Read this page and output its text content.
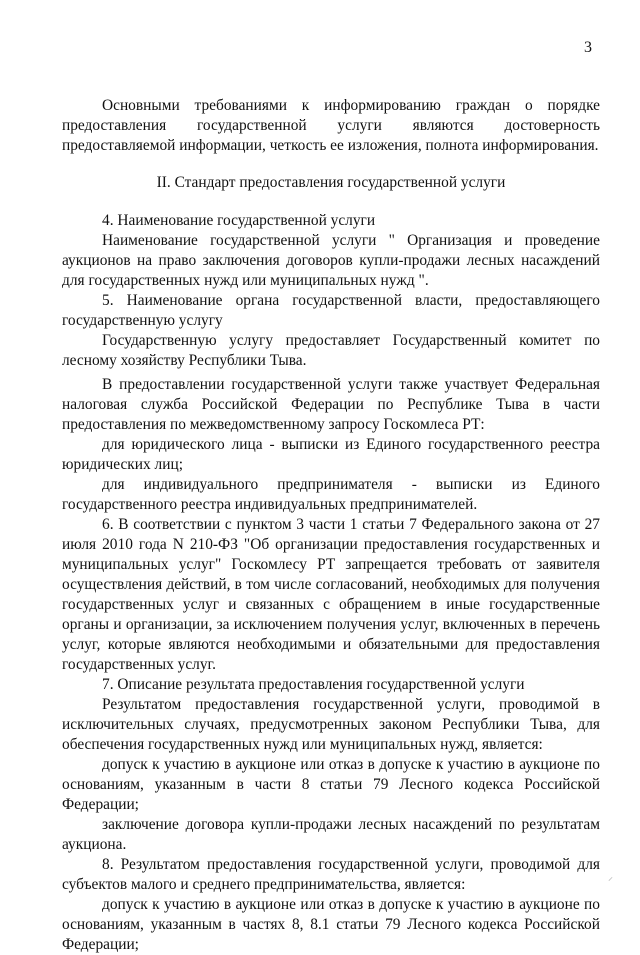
3

Основными требованиями к информированию граждан о порядке предоставления государственной услуги являются достоверность предоставляемой информации, четкость ее изложения, полнота информирования.

II. Стандарт предоставления государственной услуги

4. Наименование государственной услуги

Наименование государственной услуги " Организация и проведение аукционов на право заключения договоров купли-продажи лесных насаждений для государственных нужд или муниципальных нужд ".

5. Наименование органа государственной власти, предоставляющего государственную услугу

Государственную услугу предоставляет Государственный комитет по лесному хозяйству Республики Тыва.

В предоставлении государственной услуги также участвует Федеральная налоговая служба Российской Федерации по Республике Тыва в части предоставления по межведомственному запросу Госкомлеса РТ:

для юридического лица - выписки из Единого государственного реестра юридических лиц;

для индивидуального предпринимателя - выписки из Единого государственного реестра индивидуальных предпринимателей.

6. В соответствии с пунктом 3 части 1 статьи 7 Федерального закона от 27 июля 2010 года N 210-ФЗ "Об организации предоставления государственных и муниципальных услуг" Госкомлесу РТ запрещается требовать от заявителя осуществления действий, в том числе согласований, необходимых для получения государственных услуг и связанных с обращением в иные государственные органы и организации, за исключением получения услуг, включенных в перечень услуг, которые являются необходимыми и обязательными для предоставления государственных услуг.

7. Описание результата предоставления государственной услуги

Результатом предоставления государственной услуги, проводимой в исключительных случаях, предусмотренных законом Республики Тыва, для обеспечения государственных нужд или муниципальных нужд, является:

допуск к участию в аукционе или отказ в допуске к участию в аукционе по основаниям, указанным в части 8 статьи 79 Лесного кодекса Российской Федерации;

заключение договора купли-продажи лесных насаждений по результатам аукциона.

8. Результатом предоставления государственной услуги, проводимой для субъектов малого и среднего предпринимательства, является:

допуск к участию в аукционе или отказ в допуске к участию в аукционе по основаниям, указанным в частях 8, 8.1 статьи 79 Лесного кодекса Российской Федерации;

⸝
